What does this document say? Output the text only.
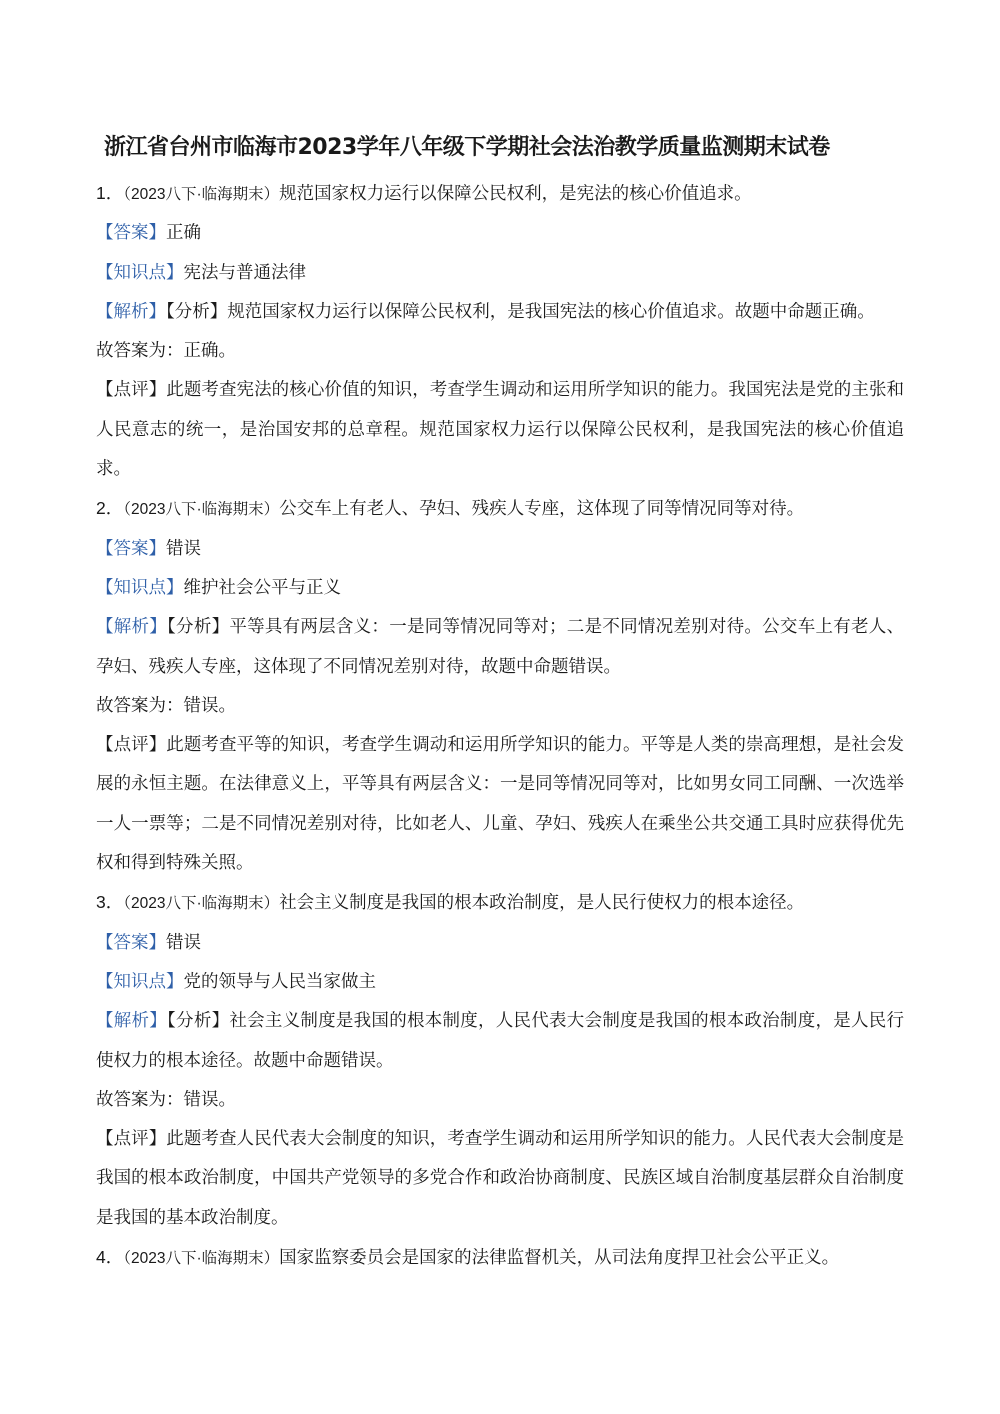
浙江省台州市临海市2023学年八年级下学期社会法治教学质量监测期末试卷

1．（2023八下·临海期末）规范国家权力运行以保障公民权利，是宪法的核心价值追求。

【答案】正确

【知识点】宪法与普通法律

【解析】【分析】规范国家权力运行以保障公民权利，是我国宪法的核心价值追求。故题中命题正确。

故答案为：正确。

【点评】此题考查宪法的核心价值的知识，考查学生调动和运用所学知识的能力。我国宪法是党的主张和人民意志的统一，是治国安邦的总章程。规范国家权力运行以保障公民权利，是我国宪法的核心价值追求。

2．（2023八下·临海期末）公交车上有老人、孕妇、残疾人专座，这体现了同等情况同等对待。

【答案】错误

【知识点】维护社会公平与正义

【解析】【分析】平等具有两层含义：一是同等情况同等对；二是不同情况差别对待。公交车上有老人、孕妇、残疾人专座，这体现了不同情况差别对待，故题中命题错误。

故答案为：错误。

【点评】此题考查平等的知识，考查学生调动和运用所学知识的能力。平等是人类的崇高理想，是社会发展的永恒主题。在法律意义上，平等具有两层含义：一是同等情况同等对，比如男女同工同酬、一次选举一人一票等；二是不同情况差别对待，比如老人、儿童、孕妇、残疾人在乘坐公共交通工具时应获得优先权和得到特殊关照。

3．（2023八下·临海期末）社会主义制度是我国的根本政治制度，是人民行使权力的根本途径。

【答案】错误

【知识点】党的领导与人民当家做主

【解析】【分析】社会主义制度是我国的根本制度，人民代表大会制度是我国的根本政治制度，是人民行使权力的根本途径。故题中命题错误。

故答案为：错误。

【点评】此题考查人民代表大会制度的知识，考查学生调动和运用所学知识的能力。人民代表大会制度是我国的根本政治制度，中国共产党领导的多党合作和政治协商制度、民族区域自治制度基层群众自治制度是我国的基本政治制度。

4．（2023八下·临海期末）国家监察委员会是国家的法律监督机关，从司法角度捍卫社会公平正义。
